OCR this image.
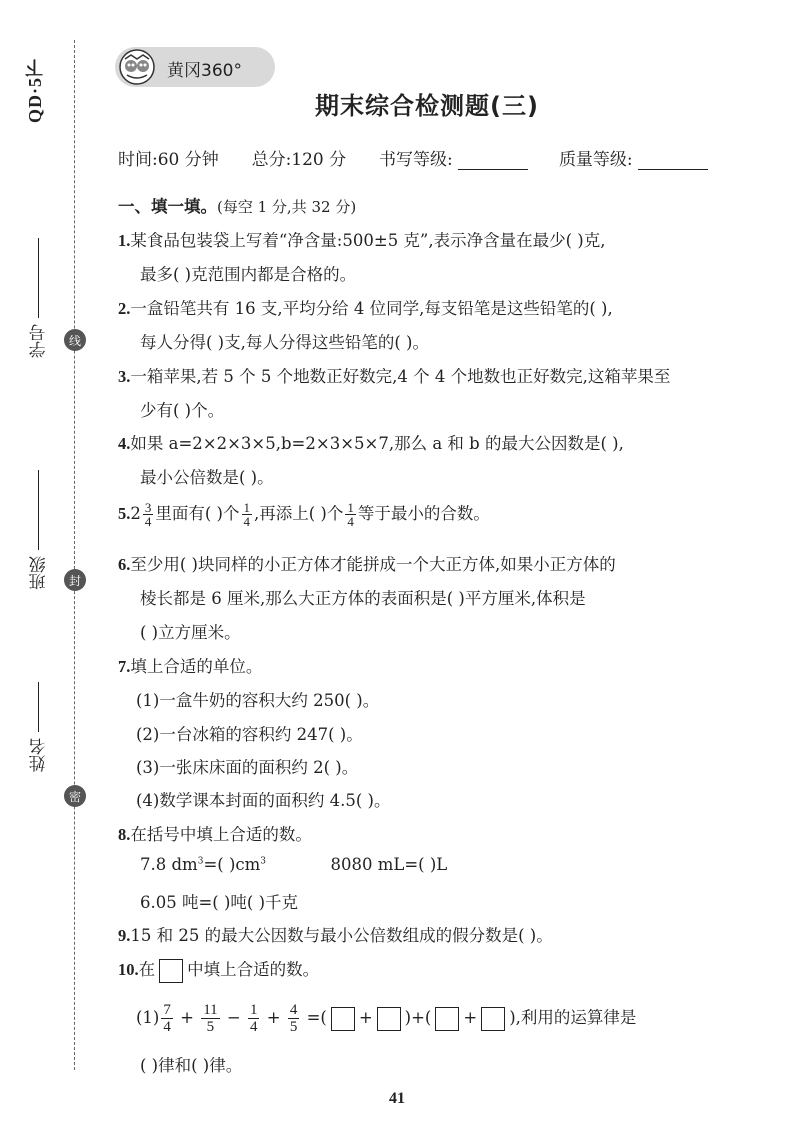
QD·5下
学号
班级
姓名
线
封
密
黄冈360°
期末综合检测题(三)
时间:60 分钟 总分:120 分 书写等级:	质量等级:
一、填一填。(每空 1 分,共 32 分)
1.某食品包装袋上写着“净含量:500±5 克”,表示净含量在最少( )克,
最多( )克范围内都是合格的。
2.一盒铅笔共有 16 支,平均分给 4 位同学,每支铅笔是这些铅笔的( ),
每人分得( )支,每人分得这些铅笔的( )。
3.一箱苹果,若 5 个 5 个地数正好数完,4 个 4 个地数也正好数完,这箱苹果至
少有( )个。
4.如果 a=2×2×3×5,b=2×3×5×7,那么 a 和 b 的最大公因数是( ),
最小公倍数是( )。
$5.2 \frac{3}{4}$ 里面有( )个 $\frac{1}{4}$ ,再添上( )个 $\frac{1}{4}$ 等于最小的合数。
6.至少用( )块同样的小正方体才能拼成一个大正方体,如果小正方体的
棱长都是 6 厘米,那么大正方体的表面积是( )平方厘米,体积是
( )立方厘米。
7.填上合适的单位。
(1)一盒牛奶的容积大约 250( )。
(2)一台冰箱的容积约 247( )。
(3)一张床床面的面积约 2( )。
(4)数学课本封面的面积约 4.5( )。
8.在括号中填上合适的数。
7.8 $dm^3=$( )$cm^3$	8080 mL=( )L
6.05 吨=( )吨( )千克
9.15 和 25 的最大公因数与最小公倍数组成的假分数是( )。
10.在 中填上合适的数。
$(1) \frac{7}{4} + \frac{11}{5} - \frac{1}{4} + \frac{4}{5}$ =( + )+( + ),利用的运算律是
( )律和( )律。
41
